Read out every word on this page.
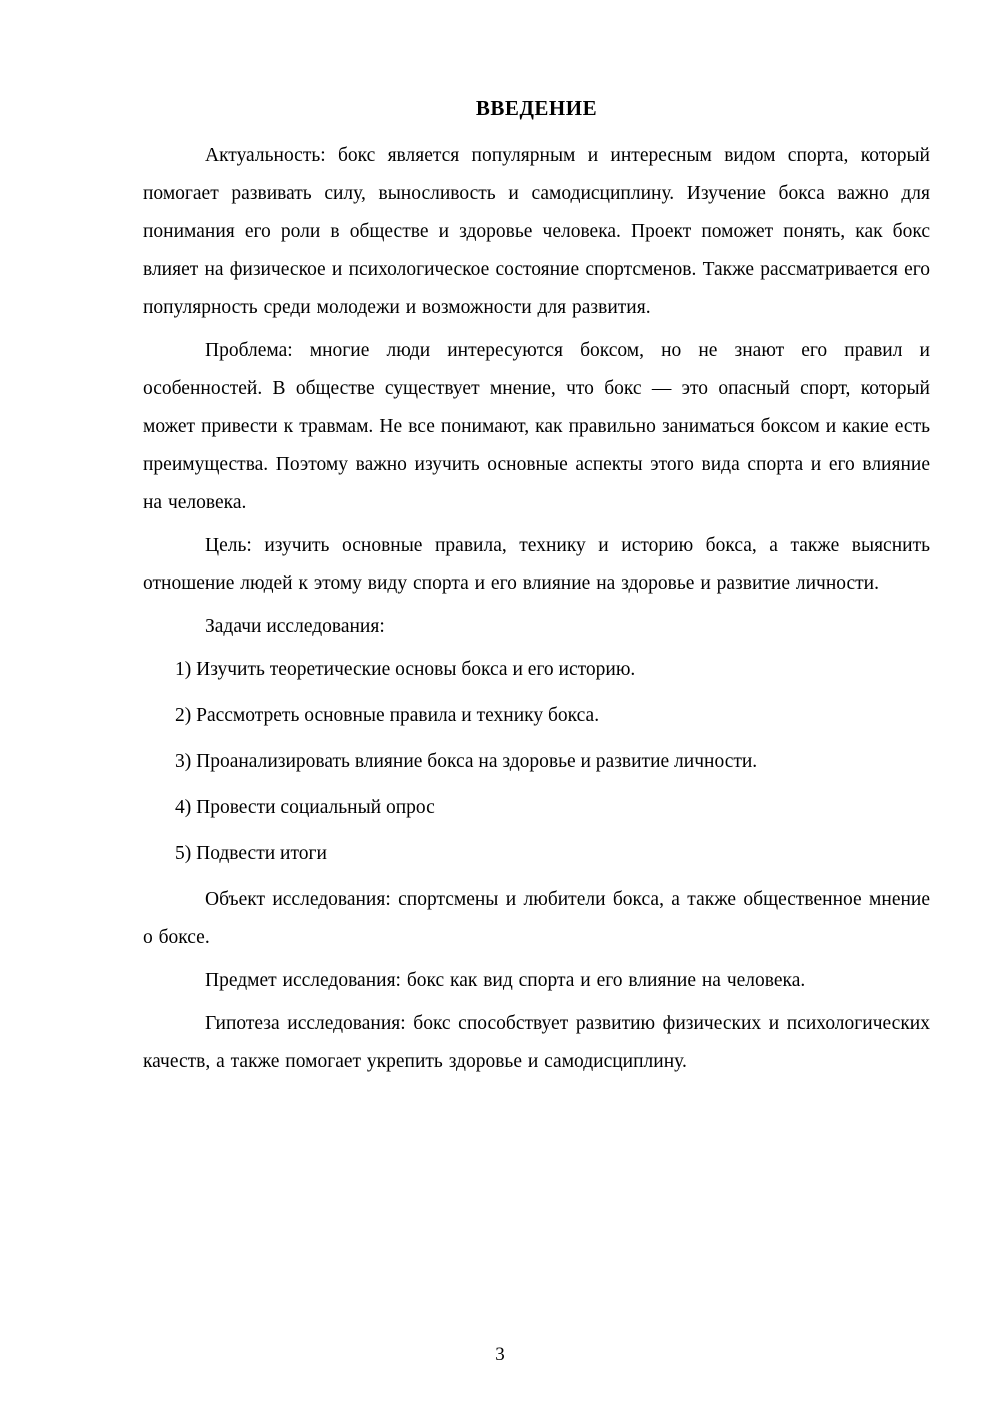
ВВЕДЕНИЕ

Актуальность: бокс является популярным и интересным видом спорта, который помогает развивать силу, выносливость и самодисциплину. Изучение бокса важно для понимания его роли в обществе и здоровье человека. Проект поможет понять, как бокс влияет на физическое и психологическое состояние спортсменов. Также рассматривается его популярность среди молодежи и возможности для развития.

Проблема: многие люди интересуются боксом, но не знают его правил и особенностей. В обществе существует мнение, что бокс — это опасный спорт, который может привести к травмам. Не все понимают, как правильно заниматься боксом и какие есть преимущества. Поэтому важно изучить основные аспекты этого вида спорта и его влияние на человека.

Цель: изучить основные правила, технику и историю бокса, а также выяснить отношение людей к этому виду спорта и его влияние на здоровье и развитие личности.

Задачи исследования:

1) Изучить теоретические основы бокса и его историю.
2) Рассмотреть основные правила и технику бокса.
3) Проанализировать влияние бокса на здоровье и развитие личности.
4) Провести социальный опрос
5) Подвести итоги

Объект исследования: спортсмены и любители бокса, а также общественное мнение о боксе.

Предмет исследования: бокс как вид спорта и его влияние на человека.

Гипотеза исследования: бокс способствует развитию физических и психологических качеств, а также помогает укрепить здоровье и самодисциплину.

3
